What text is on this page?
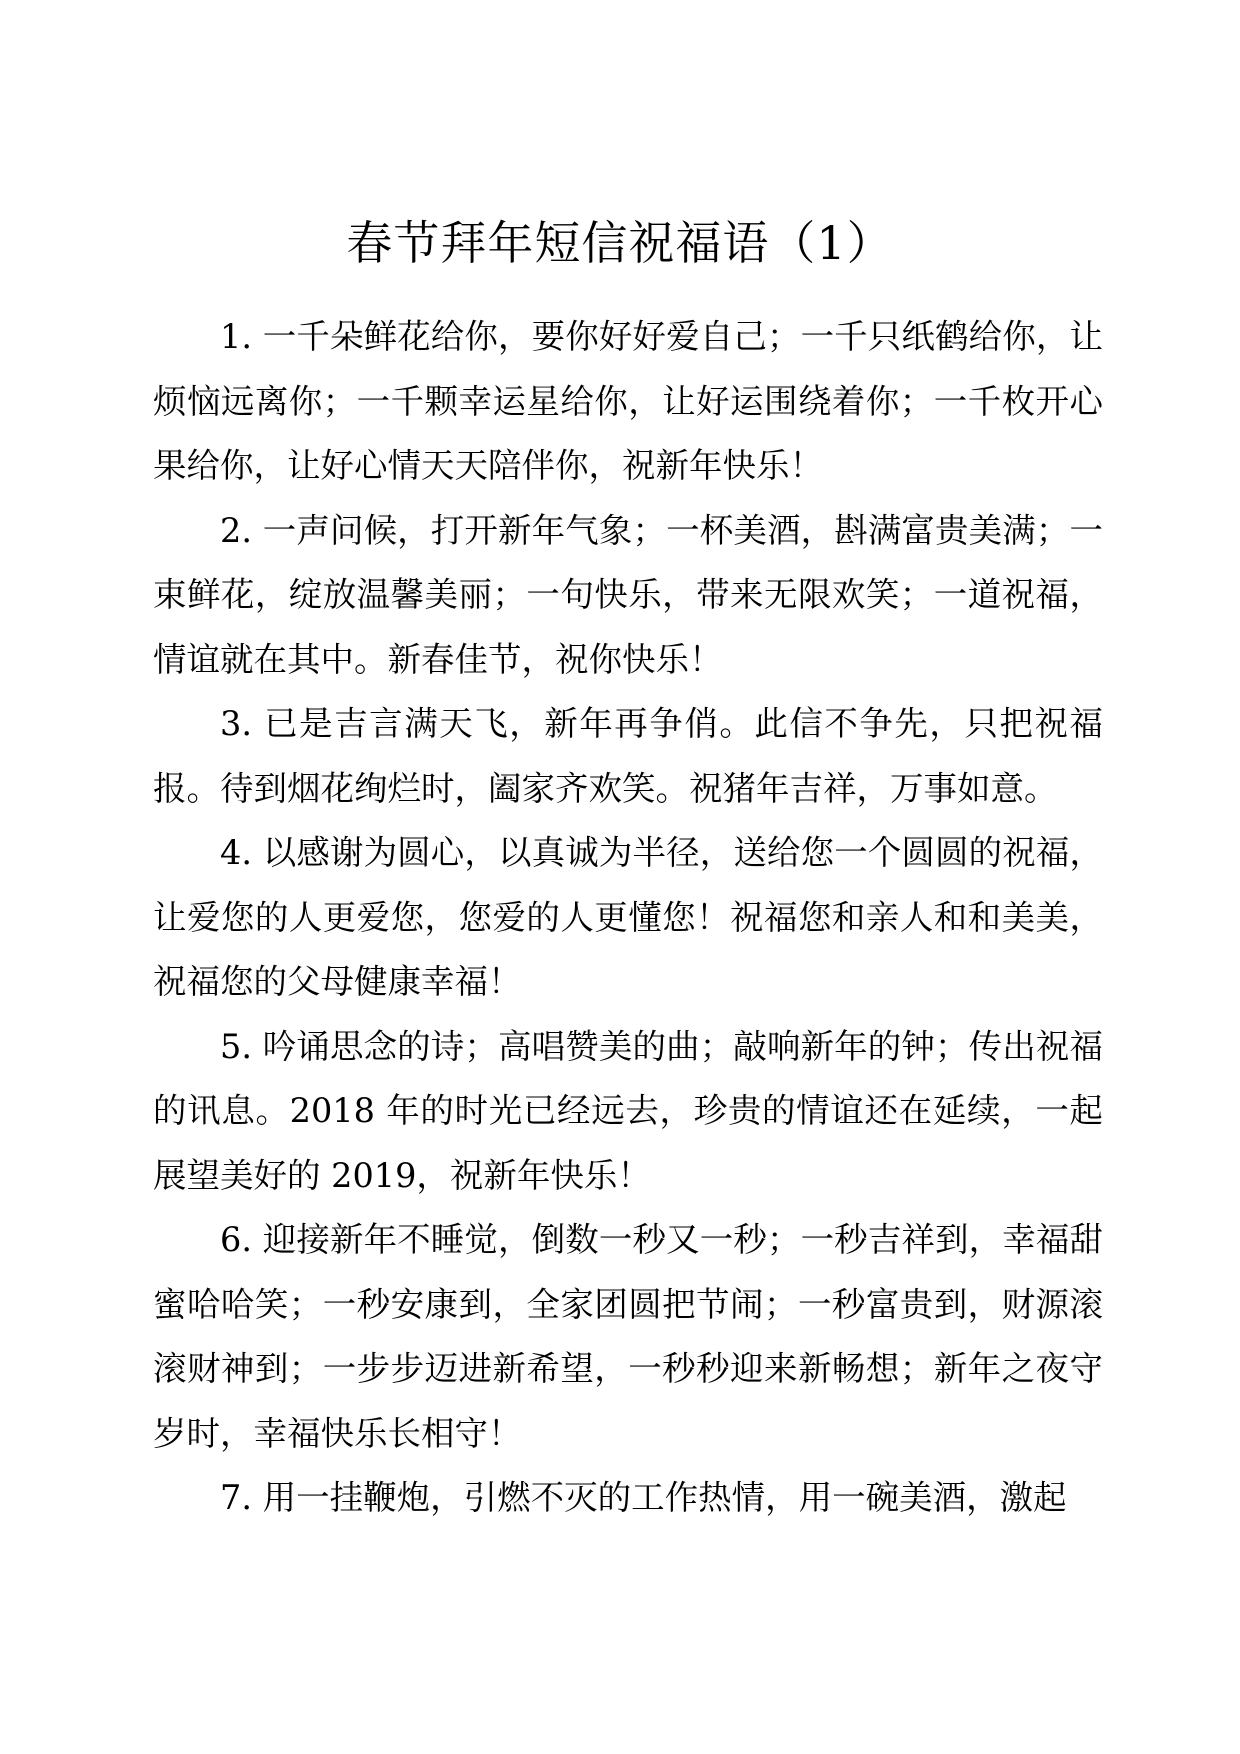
春节拜年短信祝福语（1）

1. 一千朵鲜花给你，要你好好爱自己；一千只纸鹤给你，让烦恼远离你；一千颗幸运星给你，让好运围绕着你；一千枚开心果给你，让好心情天天陪伴你，祝新年快乐！

2. 一声问候，打开新年气象；一杯美酒，斟满富贵美满；一束鲜花，绽放温馨美丽；一句快乐，带来无限欢笑；一道祝福，情谊就在其中。新春佳节，祝你快乐！

3. 已是吉言满天飞，新年再争俏。此信不争先，只把祝福报。待到烟花绚烂时，阖家齐欢笑。祝猪年吉祥，万事如意。

4. 以感谢为圆心，以真诚为半径，送给您一个圆圆的祝福，让爱您的人更爱您，您爱的人更懂您！祝福您和亲人和和美美，祝福您的父母健康幸福！

5. 吟诵思念的诗；高唱赞美的曲；敲响新年的钟；传出祝福的讯息。2018 年的时光已经远去，珍贵的情谊还在延续，一起展望美好的 2019，祝新年快乐！

6. 迎接新年不睡觉，倒数一秒又一秒；一秒吉祥到，幸福甜蜜哈哈笑；一秒安康到，全家团圆把节闹；一秒富贵到，财源滚滚财神到；一步步迈进新希望，一秒秒迎来新畅想；新年之夜守岁时，幸福快乐长相守！

7. 用一挂鞭炮，引燃不灭的工作热情，用一碗美酒，激起
